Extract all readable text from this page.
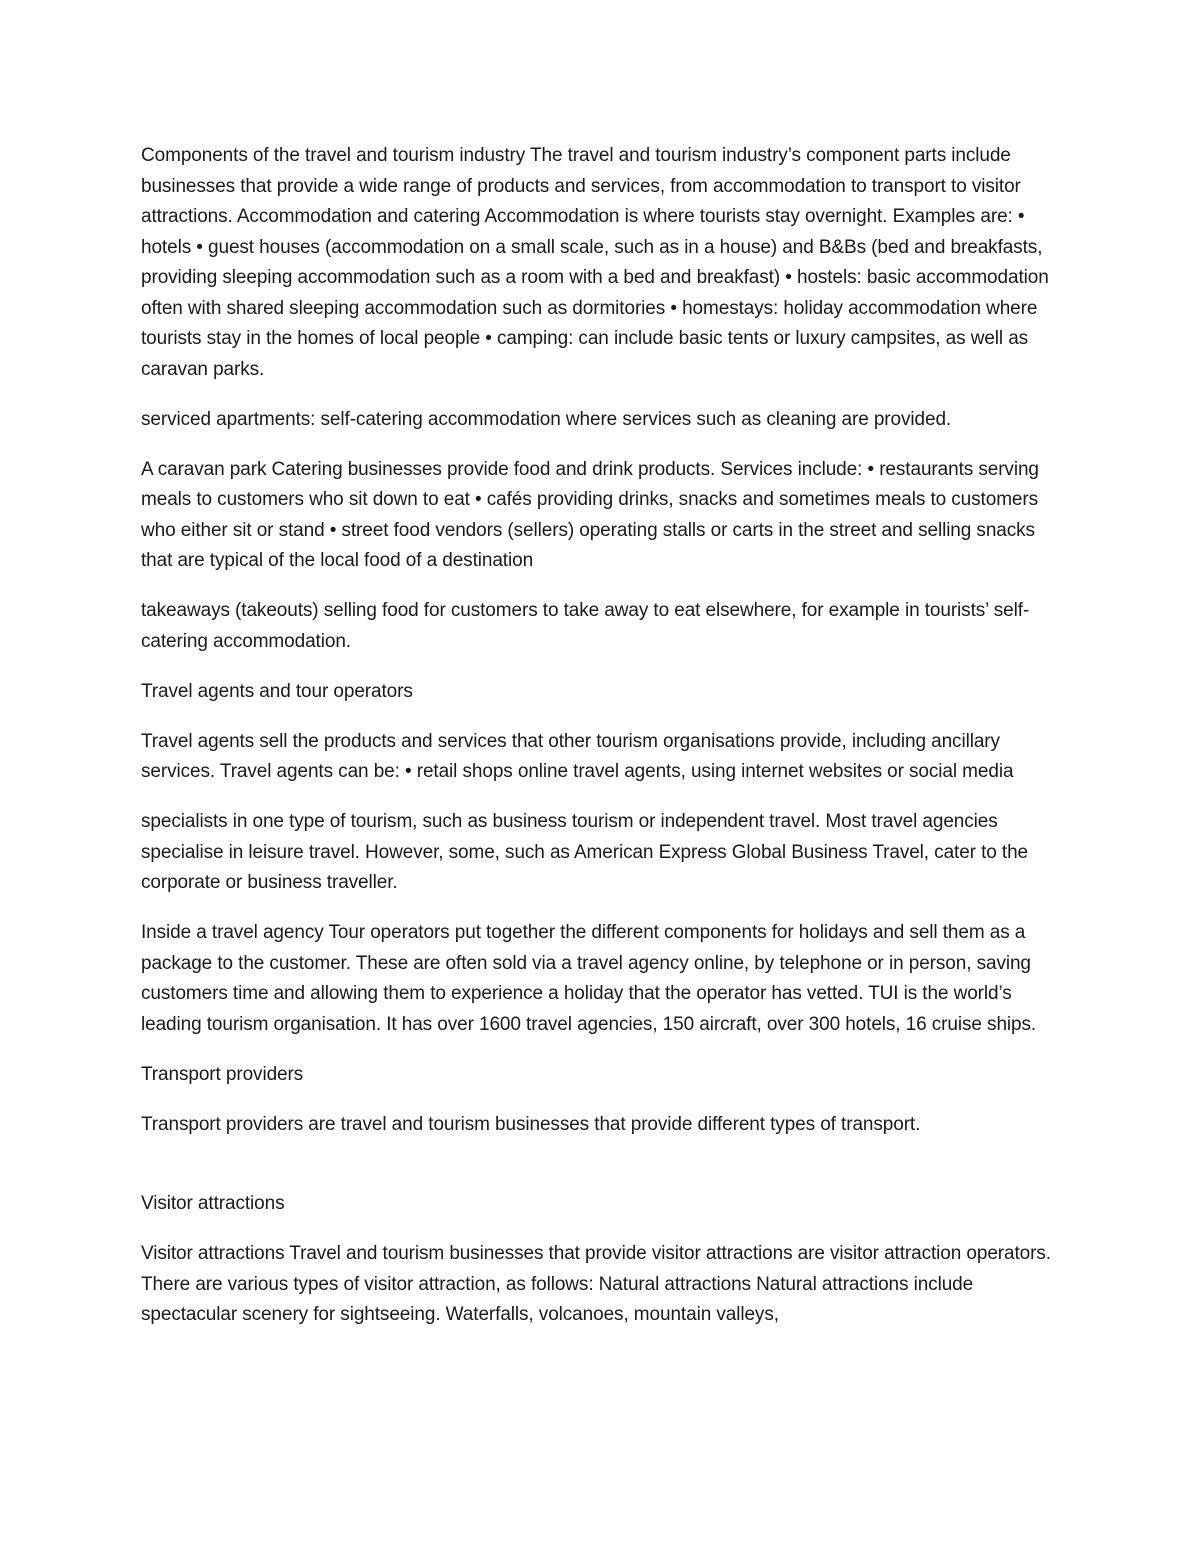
Components of the travel and tourism industry The travel and tourism industry’s component parts include businesses that provide a wide range of products and services, from accommodation to transport to visitor attractions. Accommodation and catering Accommodation is where tourists stay overnight. Examples are: • hotels • guest houses (accommodation on a small scale, such as in a house) and B&Bs (bed and breakfasts, providing sleeping accommodation such as a room with a bed and breakfast) • hostels: basic accommodation often with shared sleeping accommodation such as dormitories • homestays: holiday accommodation where tourists stay in the homes of local people • camping: can include basic tents or luxury campsites, as well as caravan parks.

serviced apartments: self-catering accommodation where services such as cleaning are provided.

A caravan park Catering businesses provide food and drink products. Services include: • restaurants serving meals to customers who sit down to eat • cafés providing drinks, snacks and sometimes meals to customers who either sit or stand • street food vendors (sellers) operating stalls or carts in the street and selling snacks that are typical of the local food of a destination

takeaways (takeouts) selling food for customers to take away to eat elsewhere, for example in tourists’ self-catering accommodation.

Travel agents and tour operators

Travel agents sell the products and services that other tourism organisations provide, including ancillary services. Travel agents can be: • retail shops online travel agents, using internet websites or social media

specialists in one type of tourism, such as business tourism or independent travel. Most travel agencies specialise in leisure travel. However, some, such as American Express Global Business Travel, cater to the corporate or business traveller.

Inside a travel agency Tour operators put together the different components for holidays and sell them as a package to the customer. These are often sold via a travel agency online, by telephone or in person, saving customers time and allowing them to experience a holiday that the operator has vetted. TUI is the world’s leading tourism organisation. It has over 1600 travel agencies, 150 aircraft, over 300 hotels, 16 cruise ships.

Transport providers

Transport providers are travel and tourism businesses that provide different types of transport.

Visitor attractions

Visitor attractions Travel and tourism businesses that provide visitor attractions are visitor attraction operators. There are various types of visitor attraction, as follows: Natural attractions Natural attractions include spectacular scenery for sightseeing. Waterfalls, volcanoes, mountain valleys,
